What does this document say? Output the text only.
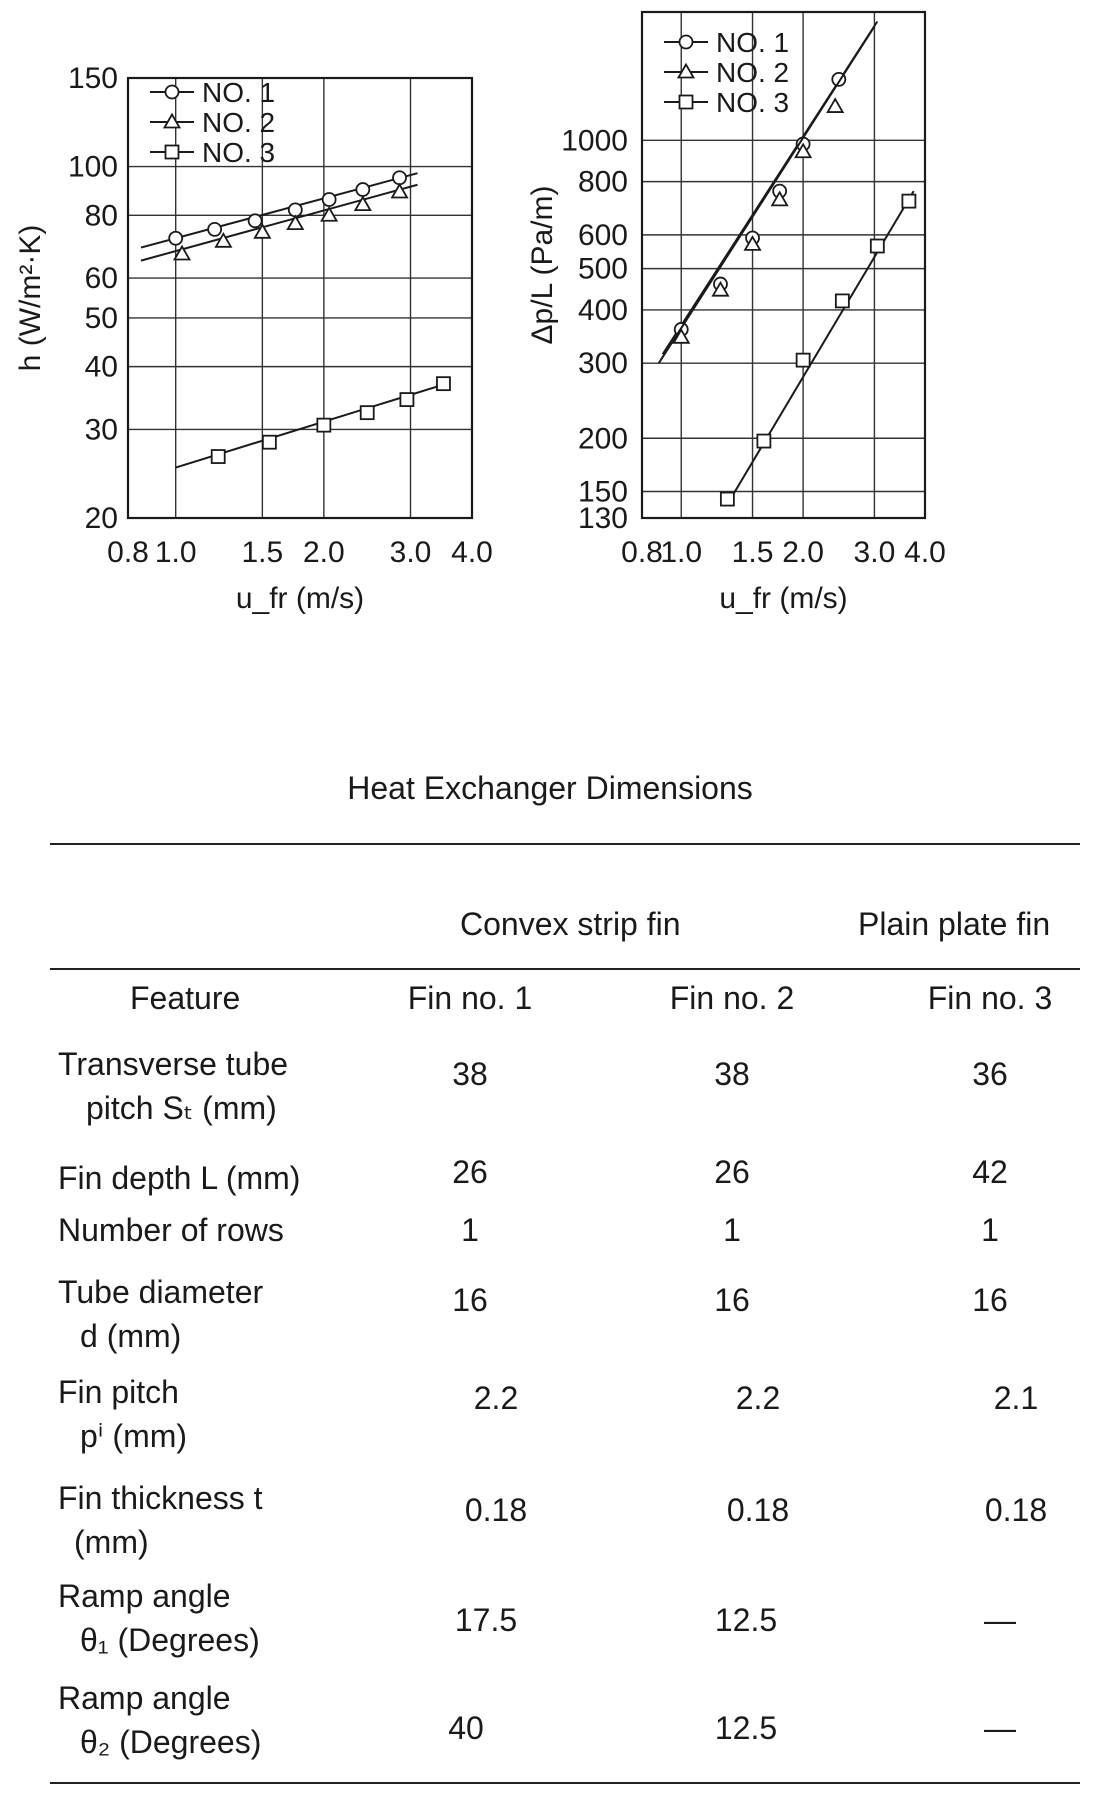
0.8 1.0 1.5 2.0 3.0 4.0
20
30
40
50
60
80
100
150
u_fr (m/s)
h (W/m²·K)
NO. 1
NO. 2
NO. 3
0.8
1.0 1.5 2.0 3.0 4.0
130
150
200
300
400
500
600
800
1000
u_fr (m/s)
Δp/L (Pa/m)
NO. 1
NO. 2
NO. 3
Heat Exchanger Dimensions
Convex strip fin	Plain plate fin
Feature	Fin no. 1	Fin no. 2	Fin no. 3
Transverse tube
pitch Sₜ (mm)
38	38	36
Fin depth L (mm)	26	26	42
Number of rows	1	1	1
Tube diameter
d (mm)
16	16	16
Fin pitch
pⁱ (mm)
2.2	2.2	2.1
Fin thickness t
(mm)
0.18	0.18	0.18
Ramp angle
θ₁ (Degrees)
17.5	12.5	—
Ramp angle
θ₂ (Degrees)	40	12.5	—
